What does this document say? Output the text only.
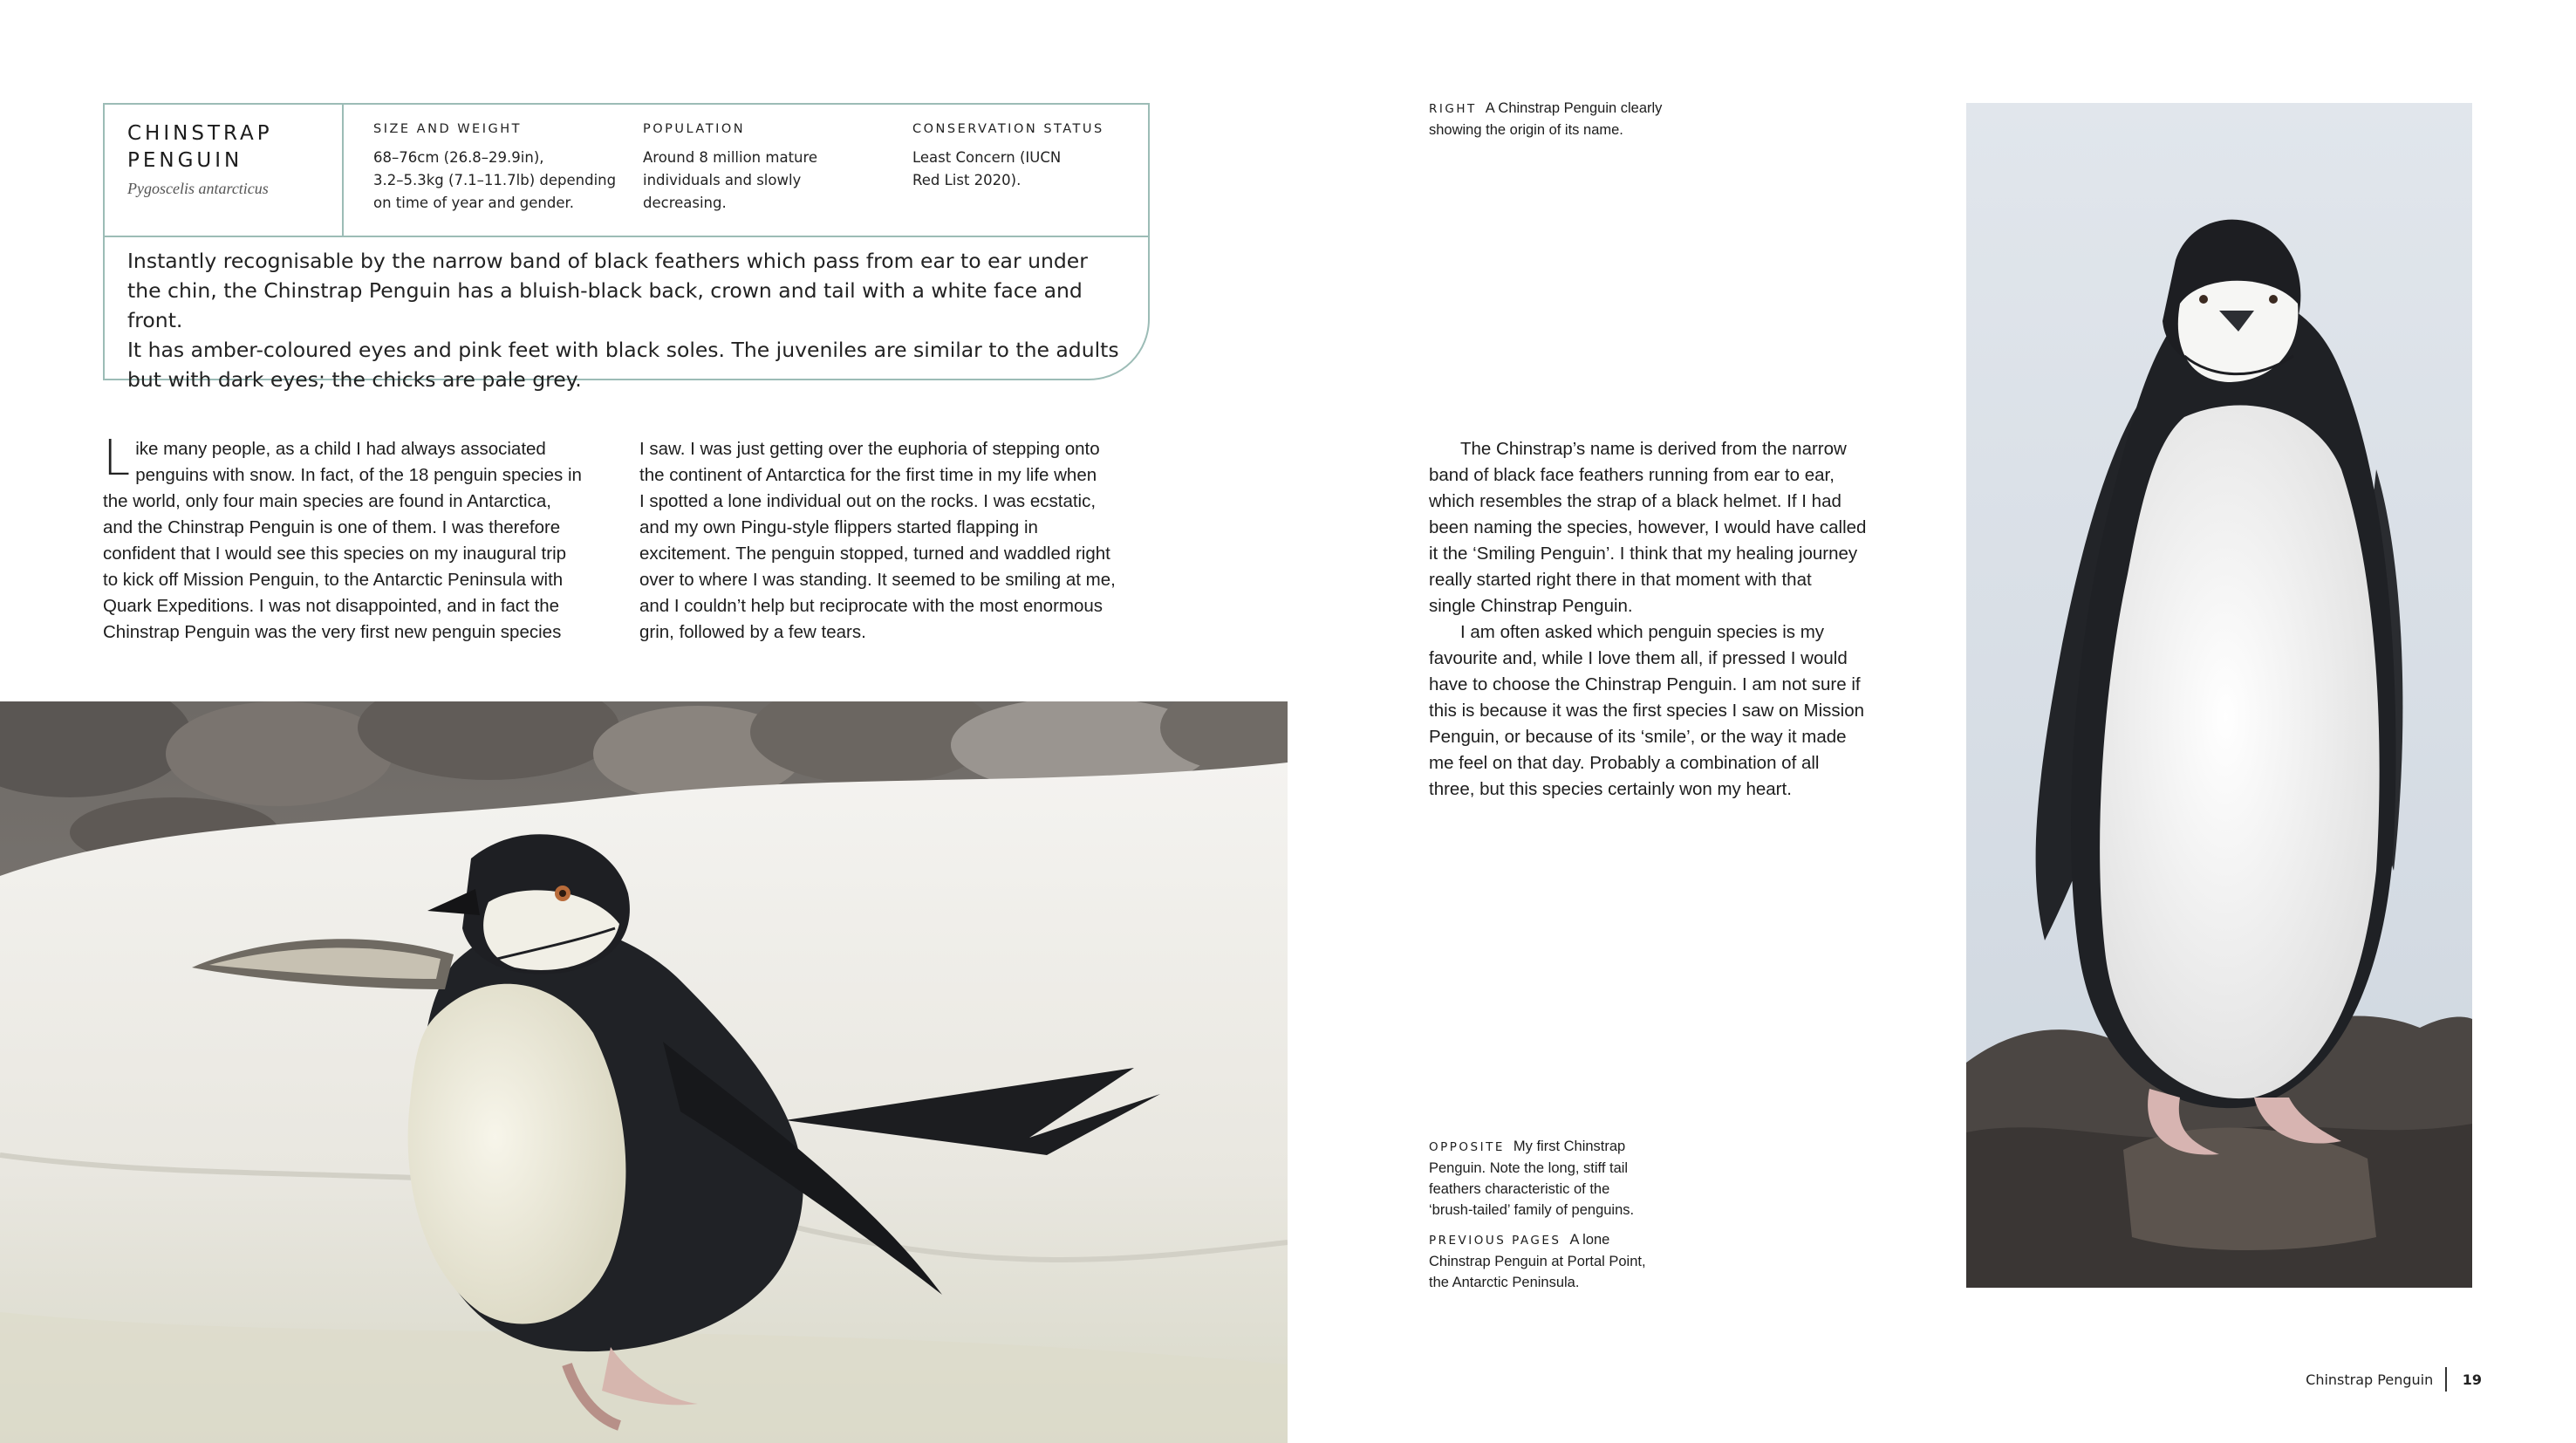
CHINSTRAP
PENGUIN
Pygoscelis antarcticus
SIZE AND WEIGHT
68–76cm (26.8–29.9in),
3.2–5.3kg (7.1–11.7lb) depending
on time of year and gender.
POPULATION
Around 8 million mature
individuals and slowly
decreasing.
CONSERVATION STATUS
Least Concern (IUCN
Red List 2020).
Instantly recognisable by the narrow band of black feathers which pass from ear to ear under
the chin, the Chinstrap Penguin has a bluish-black back, crown and tail with a white face and front.
It has amber-coloured eyes and pink feet with black soles. The juveniles are similar to the adults
but with dark eyes; the chicks are pale grey.

L ike many people, as a child I had always associated
penguins with snow. In fact, of the 18 penguin species in
the world, only four main species are found in Antarctica,
and the Chinstrap Penguin is one of them. I was therefore
confident that I would see this species on my inaugural trip
to kick off Mission Penguin, to the Antarctic Peninsula with
Quark Expeditions. I was not disappointed, and in fact the
Chinstrap Penguin was the very first new penguin species

I saw. I was just getting over the euphoria of stepping onto
the continent of Antarctica for the first time in my life when
I spotted a lone individual out on the rocks. I was ecstatic,
and my own Pingu-style flippers started flapping in
excitement. The penguin stopped, turned and waddled right
over to where I was standing. It seemed to be smiling at me,
and I couldn’t help but reciprocate with the most enormous
grin, followed by a few tears.

The Chinstrap’s name is derived from the narrow
band of black face feathers running from ear to ear,
which resembles the strap of a black helmet. If I had
been naming the species, however, I would have called
it the ‘Smiling Penguin’. I think that my healing journey
really started right there in that moment with that
single Chinstrap Penguin.

I am often asked which penguin species is my
favourite and, while I love them all, if pressed I would
have to choose the Chinstrap Penguin. I am not sure if
this is because it was the first species I saw on Mission
Penguin, or because of its ‘smile’, or the way it made
me feel on that day. Probably a combination of all
three, but this species certainly won my heart.

RIGHT A Chinstrap Penguin clearly
showing the origin of its name.
OPPOSITE My first Chinstrap
Penguin. Note the long, stiff tail
feathers characteristic of the
‘brush-tailed’ family of penguins.
PREVIOUS PAGES A lone
Chinstrap Penguin at Portal Point,
the Antarctic Peninsula.
Chinstrap Penguin 19
